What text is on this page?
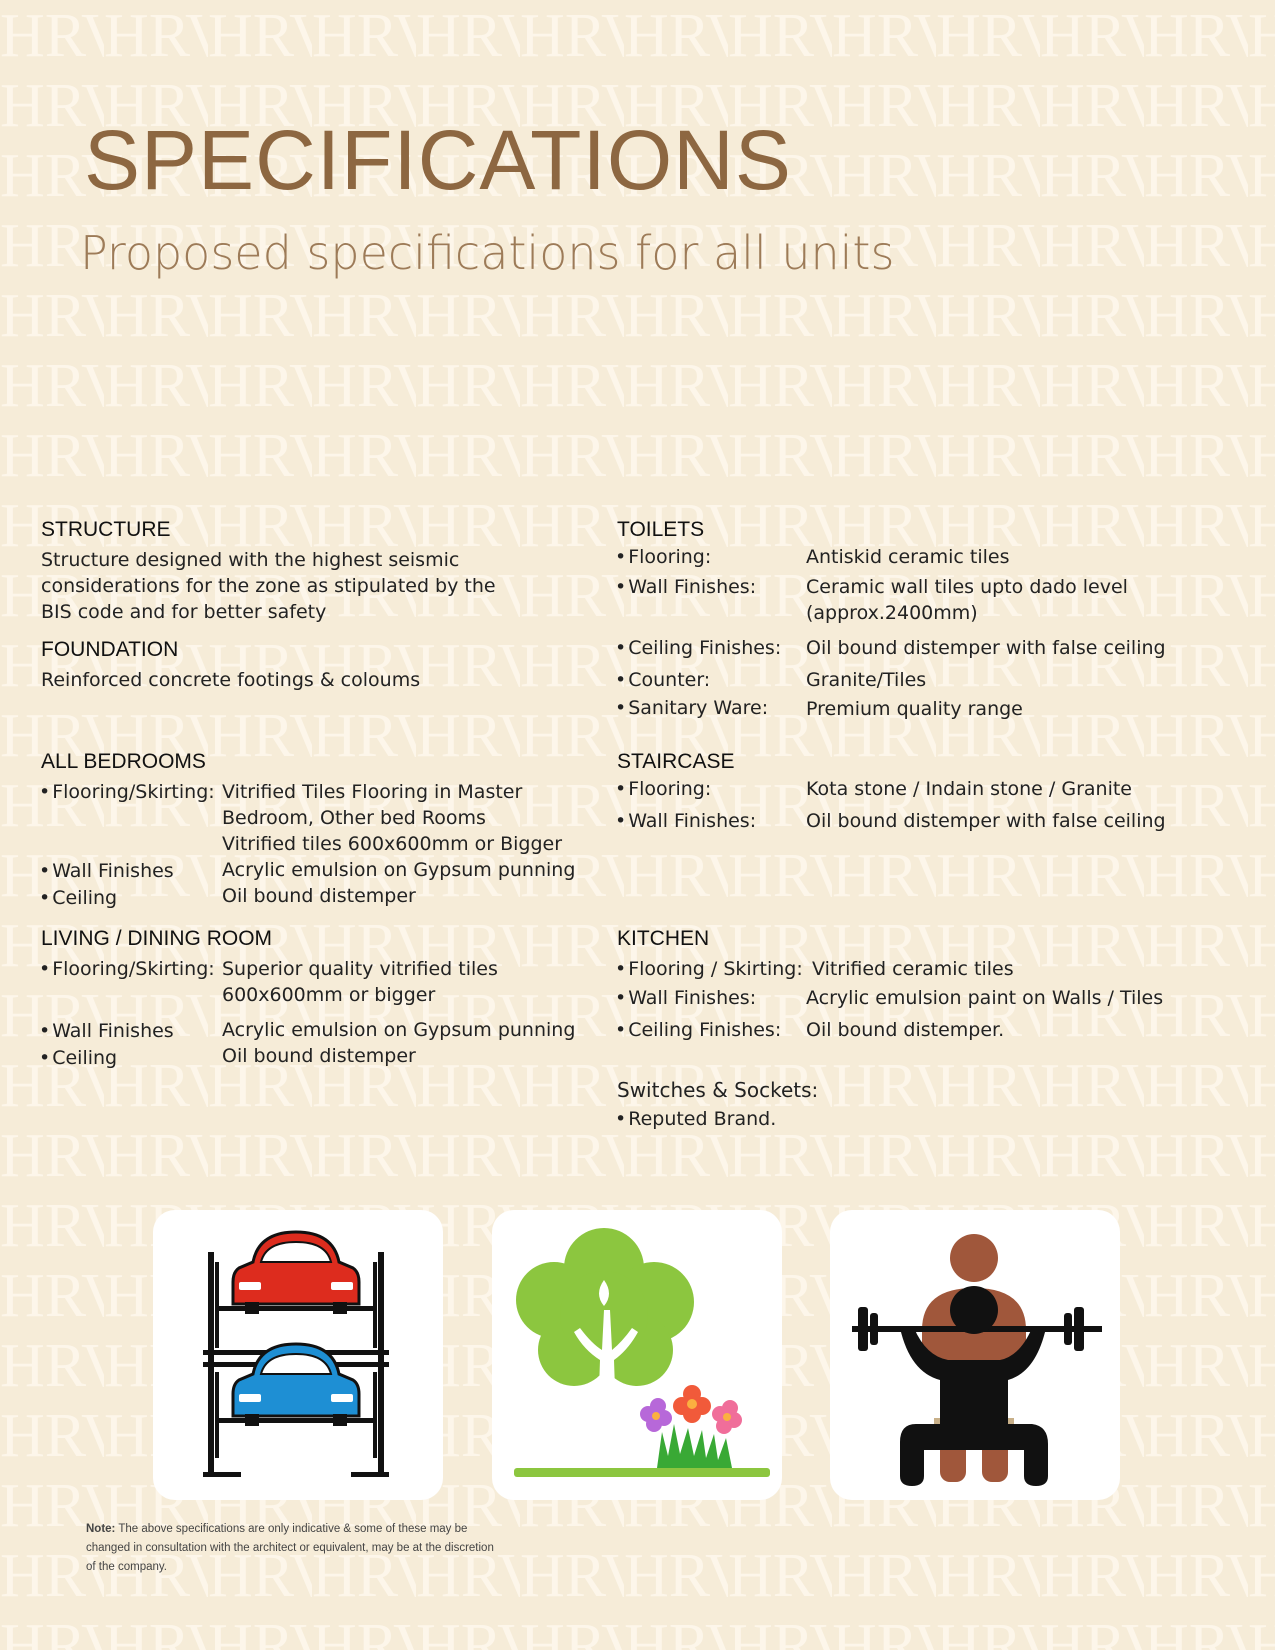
SPECIFICATIONS
Proposed specifications for all units
STRUCTURE
Structure designed with the highest seismic
considerations for the zone as stipulated by the
BIS code and for better safety
FOUNDATION
Reinforced concrete footings & coloums
ALL BEDROOMS
• Flooring/Skirting: Vitrified Tiles Flooring in Master
Bedroom, Other bed Rooms
Vitrified tiles 600x600mm or Bigger
• Wall Finishes	Acrylic emulsion on Gypsum punning
• Ceiling	Oil bound distemper
LIVING / DINING ROOM
• Flooring/Skirting: Superior quality vitrified tiles
600x600mm or bigger
• Wall Finishes	Acrylic emulsion on Gypsum punning
• Ceiling	Oil bound distemper
TOILETS
• Flooring:	Antiskid ceramic tiles
• Wall Finishes:	Ceramic wall tiles upto dado level
(approx.2400mm)
• Ceiling Finishes: Oil bound distemper with false ceiling
• Counter:	Granite/Tiles
• Sanitary Ware: Premium quality range
STAIRCASE
• Flooring:	Kota stone / Indain stone / Granite
• Wall Finishes:	Oil bound distemper with false ceiling
KITCHEN
• Flooring / Skirting: Vitrified ceramic tiles
• Wall Finishes:	Acrylic emulsion paint on Walls / Tiles
• Ceiling Finishes: Oil bound distemper.
Switches & Sockets:
• Reputed Brand.
Note: The above specifications are only indicative & some of these may be changed in consultation with the architect or equivalent, may be at the discretion of the company.
